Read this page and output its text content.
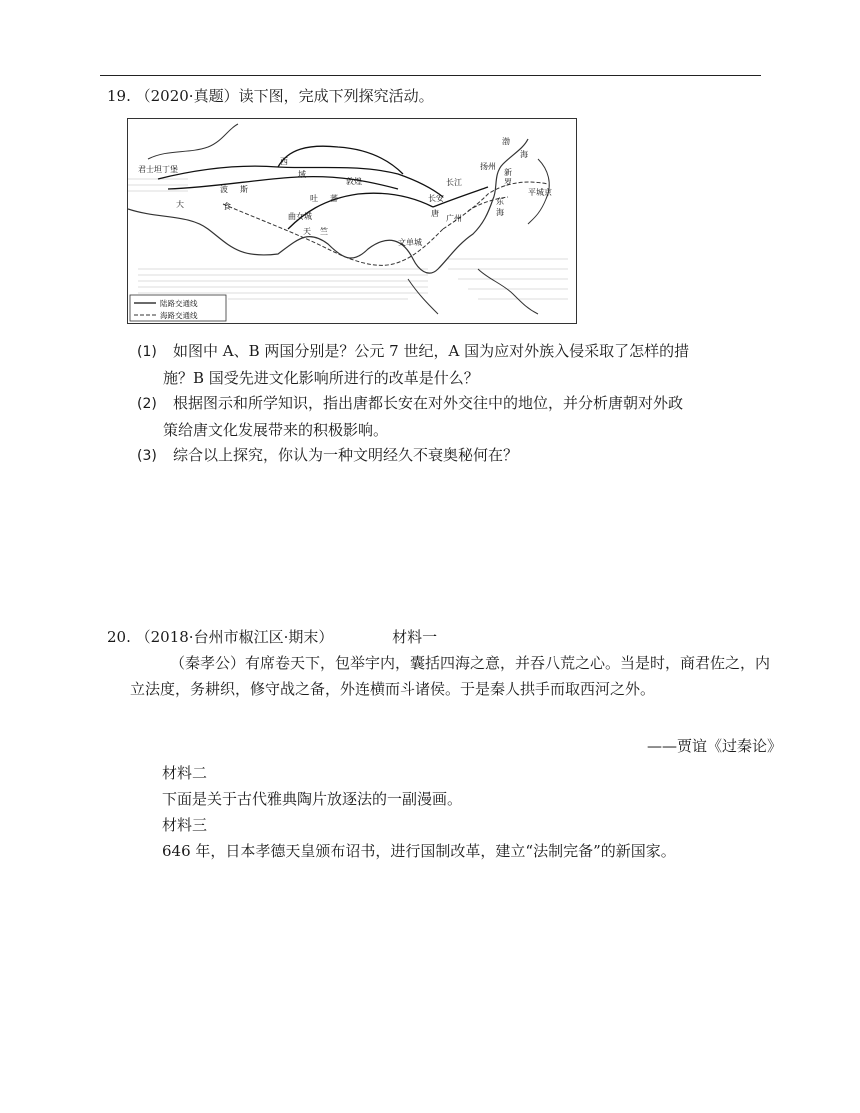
19. （2020·真题）读下图，完成下列探究活动。
君士坦丁堡
大	食
波 斯
西
域
敦煌
吐 蕃
曲女城
天 竺
长安
长江
唐
广州
扬州
渤
海
新
罗
东
海
平城京
文单城
陆路交通线
海路交通线
(1) 如图中 A、B 两国分别是？公元 7 世纪，A 国为应对外族入侵采取了怎样的措
施？B 国受先进文化影响所进行的改革是什么？
(2) 根据图示和所学知识，指出唐都长安在对外交往中的地位，并分析唐朝对外政
策给唐文化发展带来的积极影响。
(3) 综合以上探究，你认为一种文明经久不衰奥秘何在？
20. （2018·台州市椒江区·期末）	材料一
（秦孝公）有席卷天下，包举宇内，囊括四海之意，并吞八荒之心。当是时，商君佐之，内立法度，务耕织，修守战之备，外连横而斗诸侯。于是秦人拱手而取西河之外。
——贾谊《过秦论》
材料二
下面是关于古代雅典陶片放逐法的一副漫画。
材料三
646 年，日本孝德天皇颁布诏书，进行国制改革，建立“法制完备”的新国家。
